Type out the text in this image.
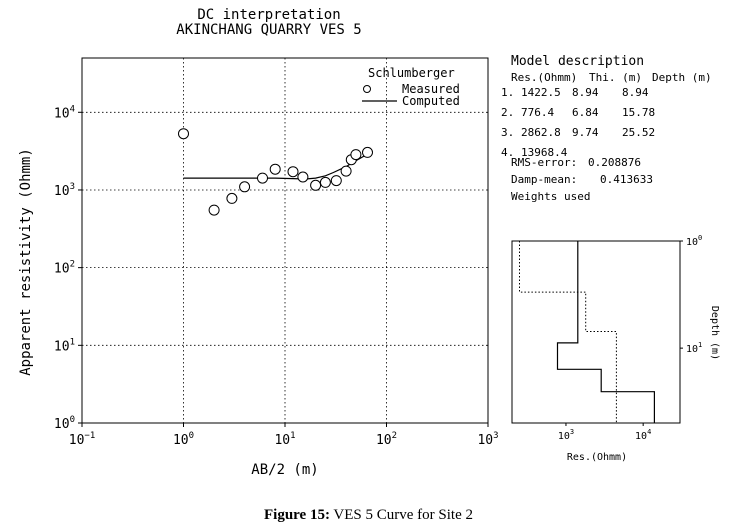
DC interpretation
AKINCHANG QUARRY VES 5
$10^{-1}$	$10^0$	$10^1$	$10^2$	$10^3$
$10^0$
$10^1$
$10^2$
$10^3$
$10^4$
Schlumberger
Measured
Computed
AB/2 (m)
Apparent resistivity (Ohmm)
Model description
Res.(Ohmm) Thi. (m) Depth (m)
1. 1422.5 8.94 8.94
2. 776.4 6.84 15.78
3. 2862.8 9.74 25.52
4. 13968.4
RMS-error: 0.208876
Damp-mean: 0.413633
Weights used
$10^3$	$10^4$
$10^0$
$10^1$
Res.(Ohmm)
Depth (m)
Figure 15: VES 5 Curve for Site 2
